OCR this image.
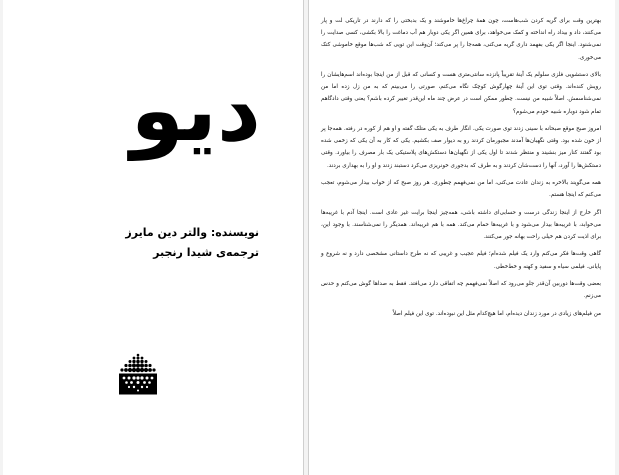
دیو
نویسنده: والتر دین مایرز
ترجمه‌ی شیدا رنجبر

بهترین وقت برای گریه کردن شب‌هاست، چون همهٔ چراغ‌ها خاموشند و یک بدبختی را که دارند در تاریکی لت و پار می‌کنند، داد و بیداد راه انداخته و کمک می‌خواهد، برای همین اگر یکی دوبار هم آب دماغت را بالا بکشی، کسی صدایت را نمی‌شنود. اینجا اگر یکی بفهمد داری گریه می‌کنی، همه‌جا را پر می‌کند؛ آن‌وقت این تویی که شب‌ها موقع خاموشی کتک می‌خوری.

بالای دستشویی فلزی سلولم یک آینهٔ تقریباً پانزده سانتی‌متری هست و کسانی که قبل از من اینجا بوده‌اند اسم‌هایشان را رویش کنده‌اند. وقتی توی این آینهٔ چهارگوش کوچک نگاه می‌کنم، صورتی را می‌بینم که به من زل زده اما من نمی‌شناسمش. اصلاً شبیه من نیست. چطور ممکن است در عرض چند ماه این‌قدر تغییر کرده باشم؟ یعنی وقتی دادگاهم تمام شود دوباره شبیه خودم می‌شوم؟

امروز صبح موقع صبحانه با سینی زدند توی صورت یکی. انگار طرف به یکی متلک گفته و او هم از کوره در رفته. همه‌جا پر از خون شده بود. وقتی نگهبان‌ها آمدند مجبورمان کردند رو به دیوار صف بکشیم. یکی که کار به آن یکی که زخمی شده بود گفتند کنار میز بنشیند و منتظر شدند تا اول یکی از نگهبان‌ها دستکش‌های پلاستیکی یک بار مصرف را بیاورد. وقتی دستکش‌ها را آورد، آنها را دست‌شان کردند و به طرف که بدجوری خونریزی می‌کرد دستبند زدند و او را به بهداری بردند.

همه می‌گویند بالاخره به زندان عادت می‌کنی، اما من نمی‌فهمم چطوری. هر روز صبح که از خواب بیدار می‌شوم، تعجب می‌کنم که اینجا هستم.

اگر خارج از اینجا زندگی درست و حسابی‌ای داشته باشی، همه‌چیز اینجا برایت غیر عادی است. اینجا آدم با غریبه‌ها می‌خوابد، با غریبه‌ها بیدار می‌شود و با غریبه‌ها حمام می‌کند. همه با هم غریبه‌اند. همدیگر را نمی‌شناسند. با وجود این، برای اذیت کردن هم خیلی راحت بهانه جور می‌کنند.

گاهی وقت‌ها فکر می‌کنم وارد یک فیلم شده‌ام؛ فیلم عجیب و غریبی که نه طرح داستانی مشخصی دارد و نه شروع و پایانی. فیلمی سیاه و سفید و کهنه و خط‌خطی.

بعضی وقت‌ها دوربین آن‌قدر جلو می‌رود که اصلاً نمی‌فهمم چه اتفاقی دارد می‌افتد. فقط به صداها گوش می‌کنم و حدس می‌زنم.

من فیلم‌های زیادی در مورد زندان دیده‌ام، اما هیچ‌کدام مثل این نبوده‌اند. توی این فیلم اصلاً
